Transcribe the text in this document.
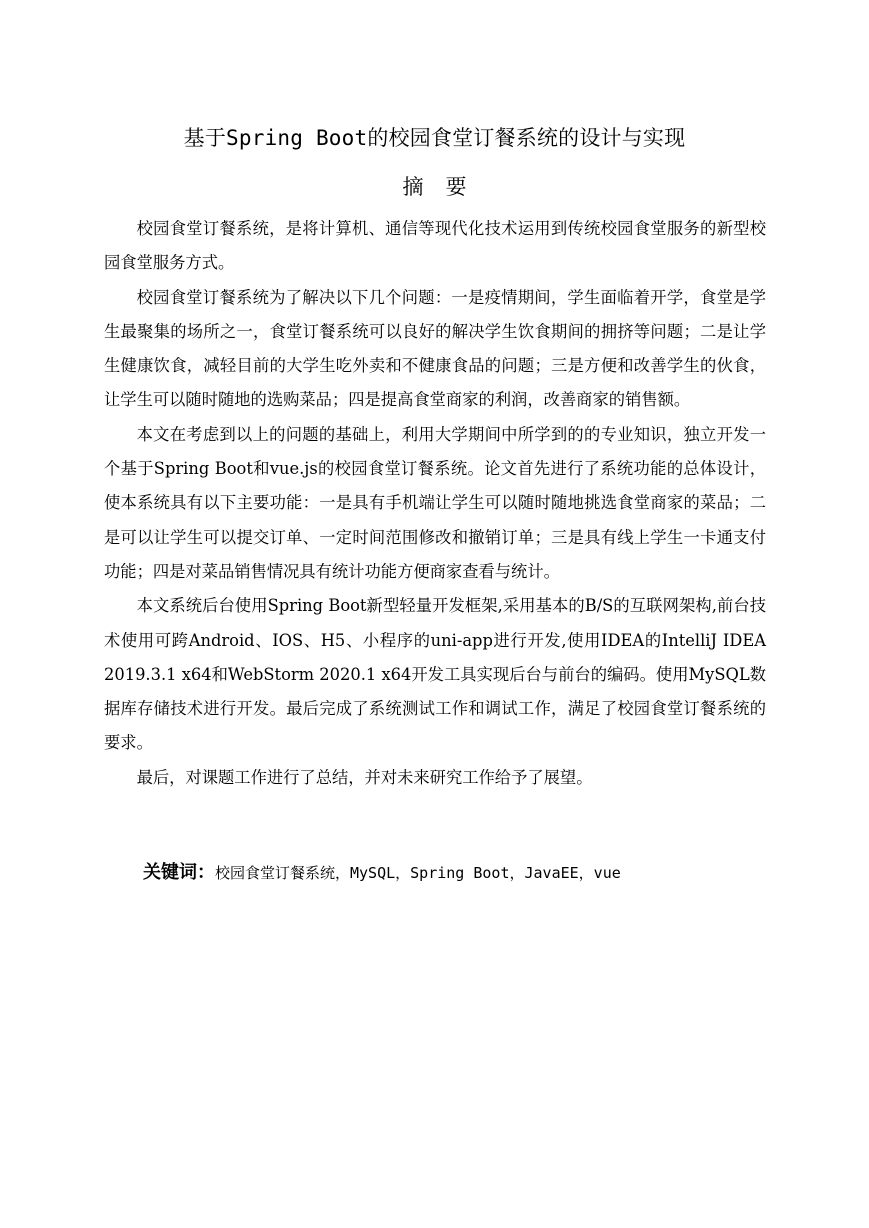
基于Spring Boot的校园食堂订餐系统的设计与实现
摘要

校园食堂订餐系统，是将计算机、通信等现代化技术运用到传统校园食堂服务的新型校园食堂服务方式。

校园食堂订餐系统为了解决以下几个问题：一是疫情期间，学生面临着开学，食堂是学生最聚集的场所之一，食堂订餐系统可以良好的解决学生饮食期间的拥挤等问题；二是让学生健康饮食，减轻目前的大学生吃外卖和不健康食品的问题；三是方便和改善学生的伙食，让学生可以随时随地的选购菜品；四是提高食堂商家的利润，改善商家的销售额。

本文在考虑到以上的问题的基础上，利用大学期间中所学到的的专业知识，独立开发一个基于Spring Boot和vue.js的校园食堂订餐系统。论文首先进行了系统功能的总体设计，使本系统具有以下主要功能：一是具有手机端让学生可以随时随地挑选食堂商家的菜品；二是可以让学生可以提交订单、一定时间范围修改和撤销订单；三是具有线上学生一卡通支付功能；四是对菜品销售情况具有统计功能方便商家查看与统计。

本文系统后台使用Spring Boot新型轻量开发框架,采用基本的B/S的互联网架构,前台技术使用可跨Android、IOS、H5、小程序的uni-app进行开发,使用IDEA的IntelliJ IDEA 2019.3.1 x64和WebStorm 2020.1 x64开发工具实现后台与前台的编码。使用MySQL数据库存储技术进行开发。最后完成了系统测试工作和调试工作，满足了校园食堂订餐系统的要求。

最后，对课题工作进行了总结，并对未来研究工作给予了展望。

关键词：校园食堂订餐系统，MySQL，Spring Boot，JavaEE，vue
